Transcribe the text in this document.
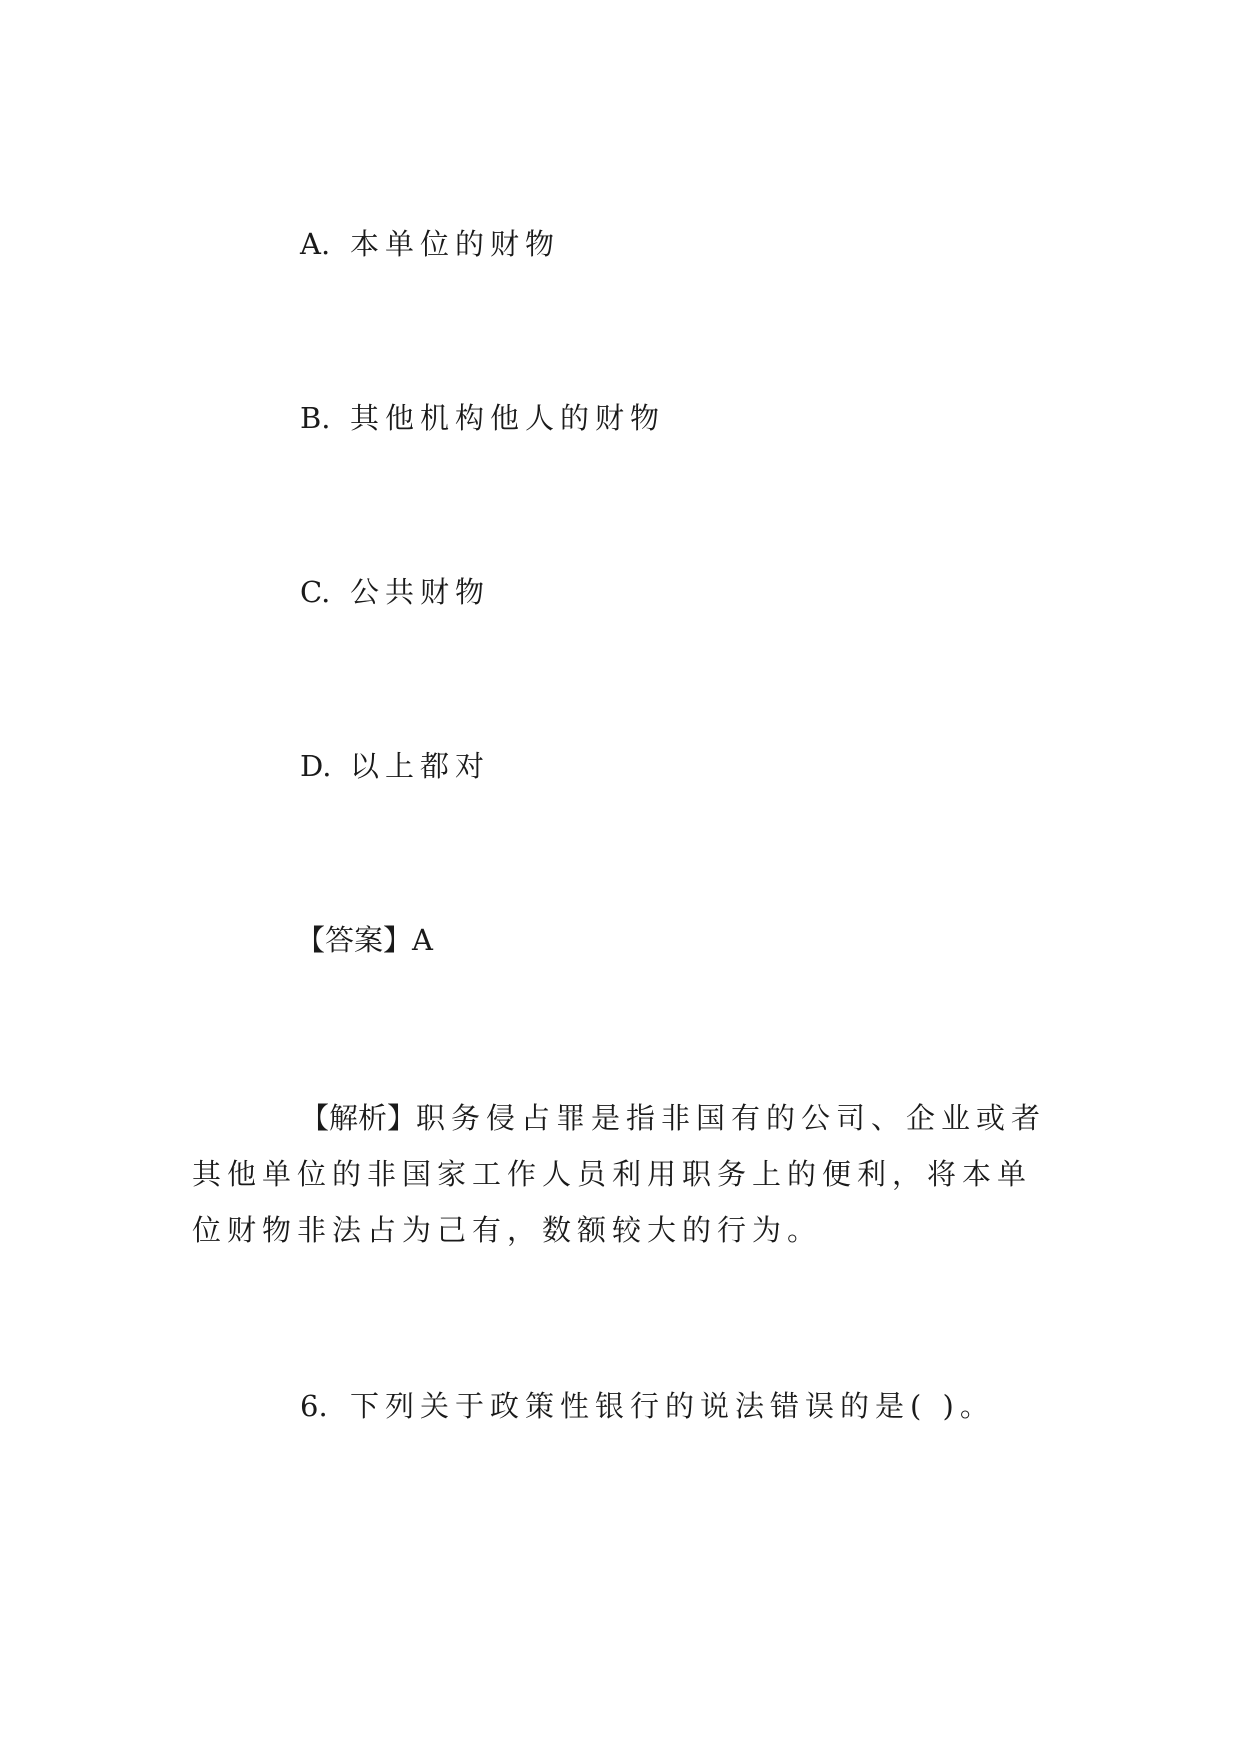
A. 本单位的财物
B. 其他机构他人的财物
C. 公共财物
D. 以上都对
【答案】A
【解析】职务侵占罪是指非国有的公司、企业或者其他单位的非国家工作人员利用职务上的便利，将本单位财物非法占为己有，数额较大的行为。
6. 下列关于政策性银行的说法错误的是( )。
